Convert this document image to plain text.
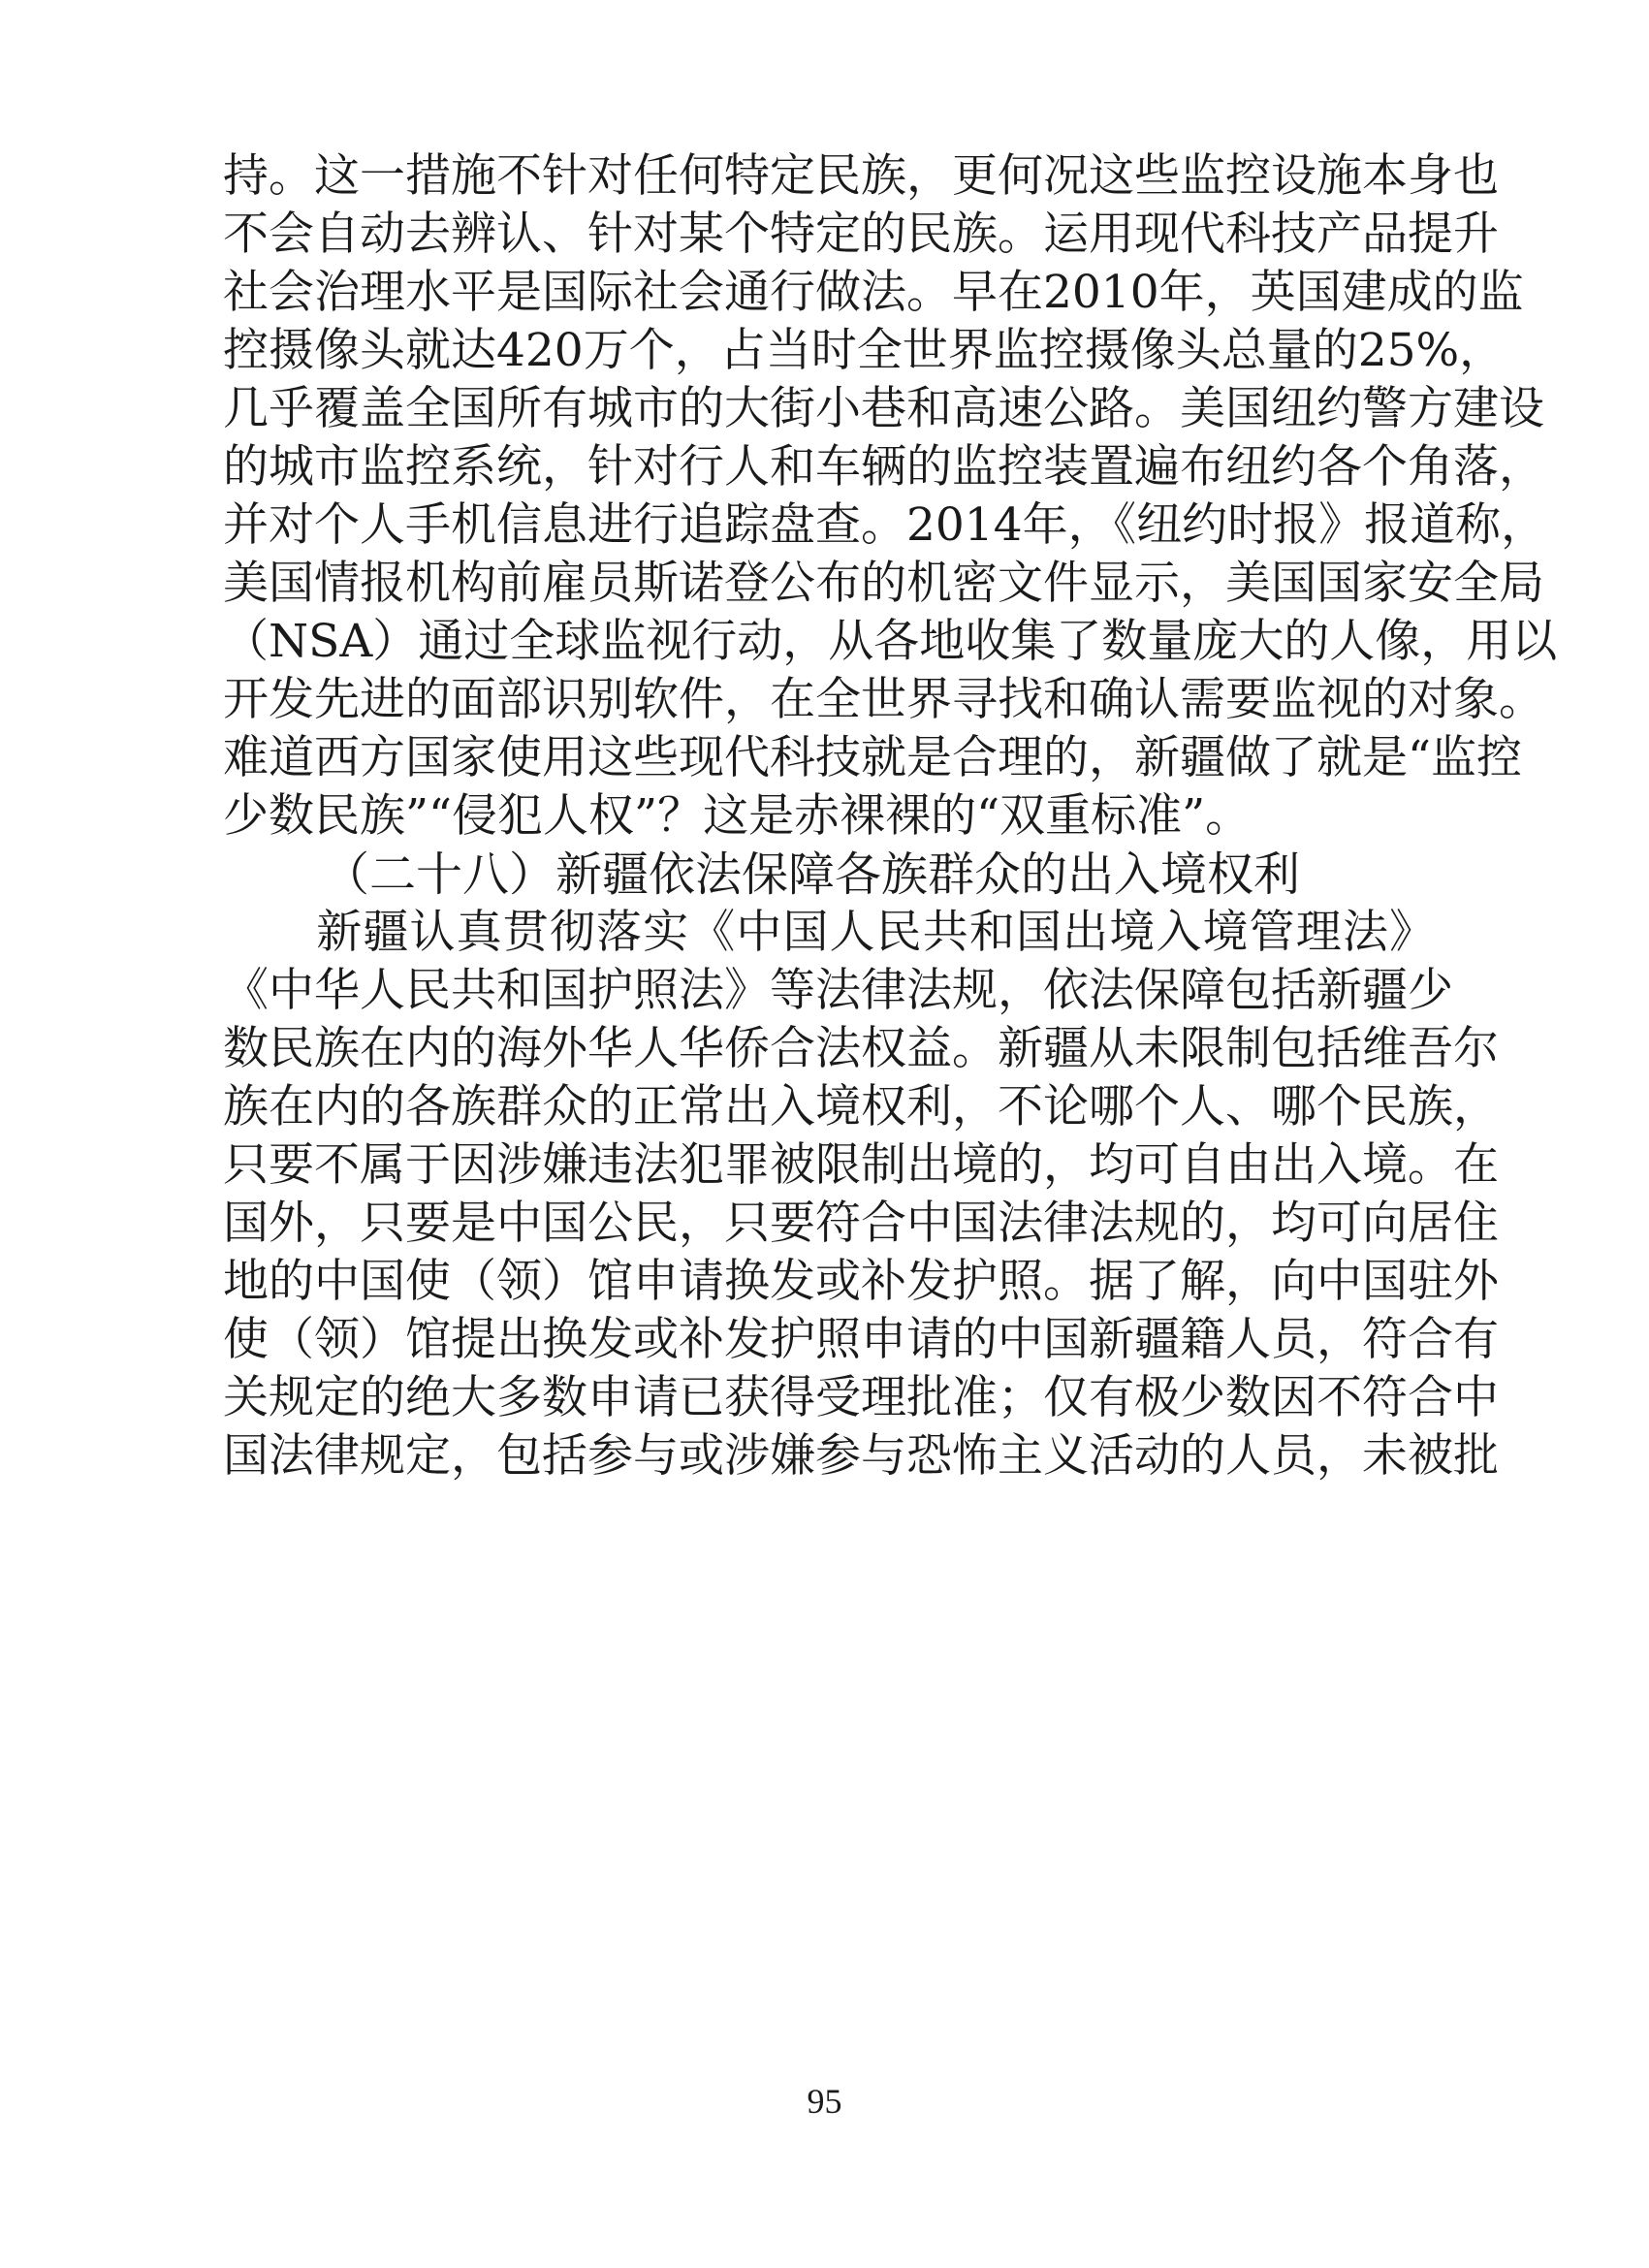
持。这一措施不针对任何特定民族，更何况这些监控设施本身也
不会自动去辨认、针对某个特定的民族。运用现代科技产品提升
社会治理水平是国际社会通行做法。早在2010年，英国建成的监
控摄像头就达420万个，占当时全世界监控摄像头总量的25%，
几乎覆盖全国所有城市的大街小巷和高速公路。美国纽约警方建设
的城市监控系统，针对行人和车辆的监控装置遍布纽约各个角落，
并对个人手机信息进行追踪盘查。2014年，《纽约时报》报道称，
美国情报机构前雇员斯诺登公布的机密文件显示，美国国家安全局
（NSA）通过全球监视行动，从各地收集了数量庞大的人像，用以
开发先进的面部识别软件，在全世界寻找和确认需要监视的对象。
难道西方国家使用这些现代科技就是合理的，新疆做了就是“监控
少数民族”“侵犯人权”？这是赤裸裸的“双重标准”。
（二十八）新疆依法保障各族群众的出入境权利
　　新疆认真贯彻落实《中国人民共和国出境入境管理法》
《中华人民共和国护照法》等法律法规，依法保障包括新疆少
数民族在内的海外华人华侨合法权益。新疆从未限制包括维吾尔
族在内的各族群众的正常出入境权利，不论哪个人、哪个民族，
只要不属于因涉嫌违法犯罪被限制出境的，均可自由出入境。在
国外，只要是中国公民，只要符合中国法律法规的，均可向居住
地的中国使（领）馆申请换发或补发护照。据了解，向中国驻外
使（领）馆提出换发或补发护照申请的中国新疆籍人员，符合有
关规定的绝大多数申请已获得受理批准；仅有极少数因不符合中
国法律规定，包括参与或涉嫌参与恐怖主义活动的人员，未被批
95
